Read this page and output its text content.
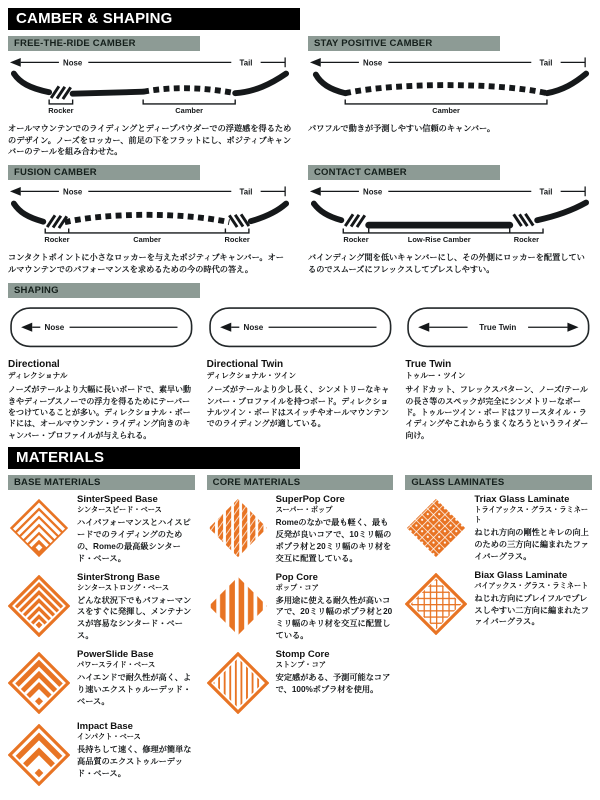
CAMBER & SHAPING
FREE-THE-RIDE CAMBER
Nose	Tail
Rocker	Camber
オールマウンテンでのライディングとディープパウダーでの浮遊感を得るためのデザイン。ノーズをロッカー、前足の下をフラットにし、ポジティブキャンバーのテールを組み合わせた。
STAY POSITIVE CAMBER
Nose	Tail
Camber
パワフルで動きが予測しやすい信頼のキャンバー。
FUSION CAMBER
Nose	Tail
Rocker	Camber	Rocker
コンタクトポイントに小さなロッカーを与えたポジティブキャンバー。オールマウンテンでのパフォーマンスを求めるための今の時代の答え。
CONTACT CAMBER
Nose	Tail
Rocker	Low-Rise Camber	Rocker
バインディング間を低いキャンバーにし、その外側にロッカーを配置しているのでスムーズにフレックスしてプレスしやすい。
SHAPING
Nose
Directional
ディレクショナル
ノーズがテールより大幅に長いボードで、素早い動きやディープスノーでの浮力を得るためにテーパーをつけていることが多い。ディレクショナル・ボードには、オールマウンテン・ライディング向きのキャンバー・プロファイルが与えられる。
Nose
Directional Twin
ディレクショナル・ツイン
ノーズがテールより少し長く、シンメトリーなキャンバー・プロファイルを持つボード。ディレクショナルツイン・ボードはスイッチやオールマウンテンでのライディングが適している。
True Twin
True Twin
トゥルー・ツイン
サイドカット、フレックスパターン、ノーズ/テールの長さ等のスペックが完全にシンメトリーなボード。トゥルーツイン・ボードはフリースタイル・ライディングやこれからうまくなろうというライダー向け。
MATERIALS
BASE MATERIALS
SinterSpeed Base
シンタースピード・ベース
ハイパフォーマンスとハイスピードでのライディングのための、Romeの最高級シンタード・ベース。
SinterStrong Base
シンターストロング・ベース
どんな状況下でもパフォーマンスをすぐに発揮し、メンテナンスが容易なシンタード・ベース。
PowerSlide Base
パワースライド・ベース
ハイエンドで耐久性が高く、より速いエクストゥルーデッド・ベース。
Impact Base
インパクト・ベース
長持ちして速く、修理が簡単な高品質のエクストゥルーデッド・ベース。
CORE MATERIALS
SuperPop Core
スーパー・ポップ
Romeのなかで最も軽く、最も反発が良いコアで、10ミリ幅のポプラ材と20ミリ幅のキリ材を交互に配置している。
Pop Core
ポップ・コア
多用途に使える耐久性が高いコアで、20ミリ幅のポプラ材と20ミリ幅のキリ材を交互に配置している。
Stomp Core
ストンプ・コア
安定感がある、予測可能なコアで、100%ポプラ材を使用。
GLASS LAMINATES
Triax Glass Laminate
トライアックス・グラス・ラミネート
ねじれ方向の剛性とキレの向上のための三方向に編まれたファイバーグラス。
Biax Glass Laminate
バイアックス・グラス・ラミネート
ねじれ方向にプレイフルでプレスしやすい二方向に編まれたファイバーグラス。
